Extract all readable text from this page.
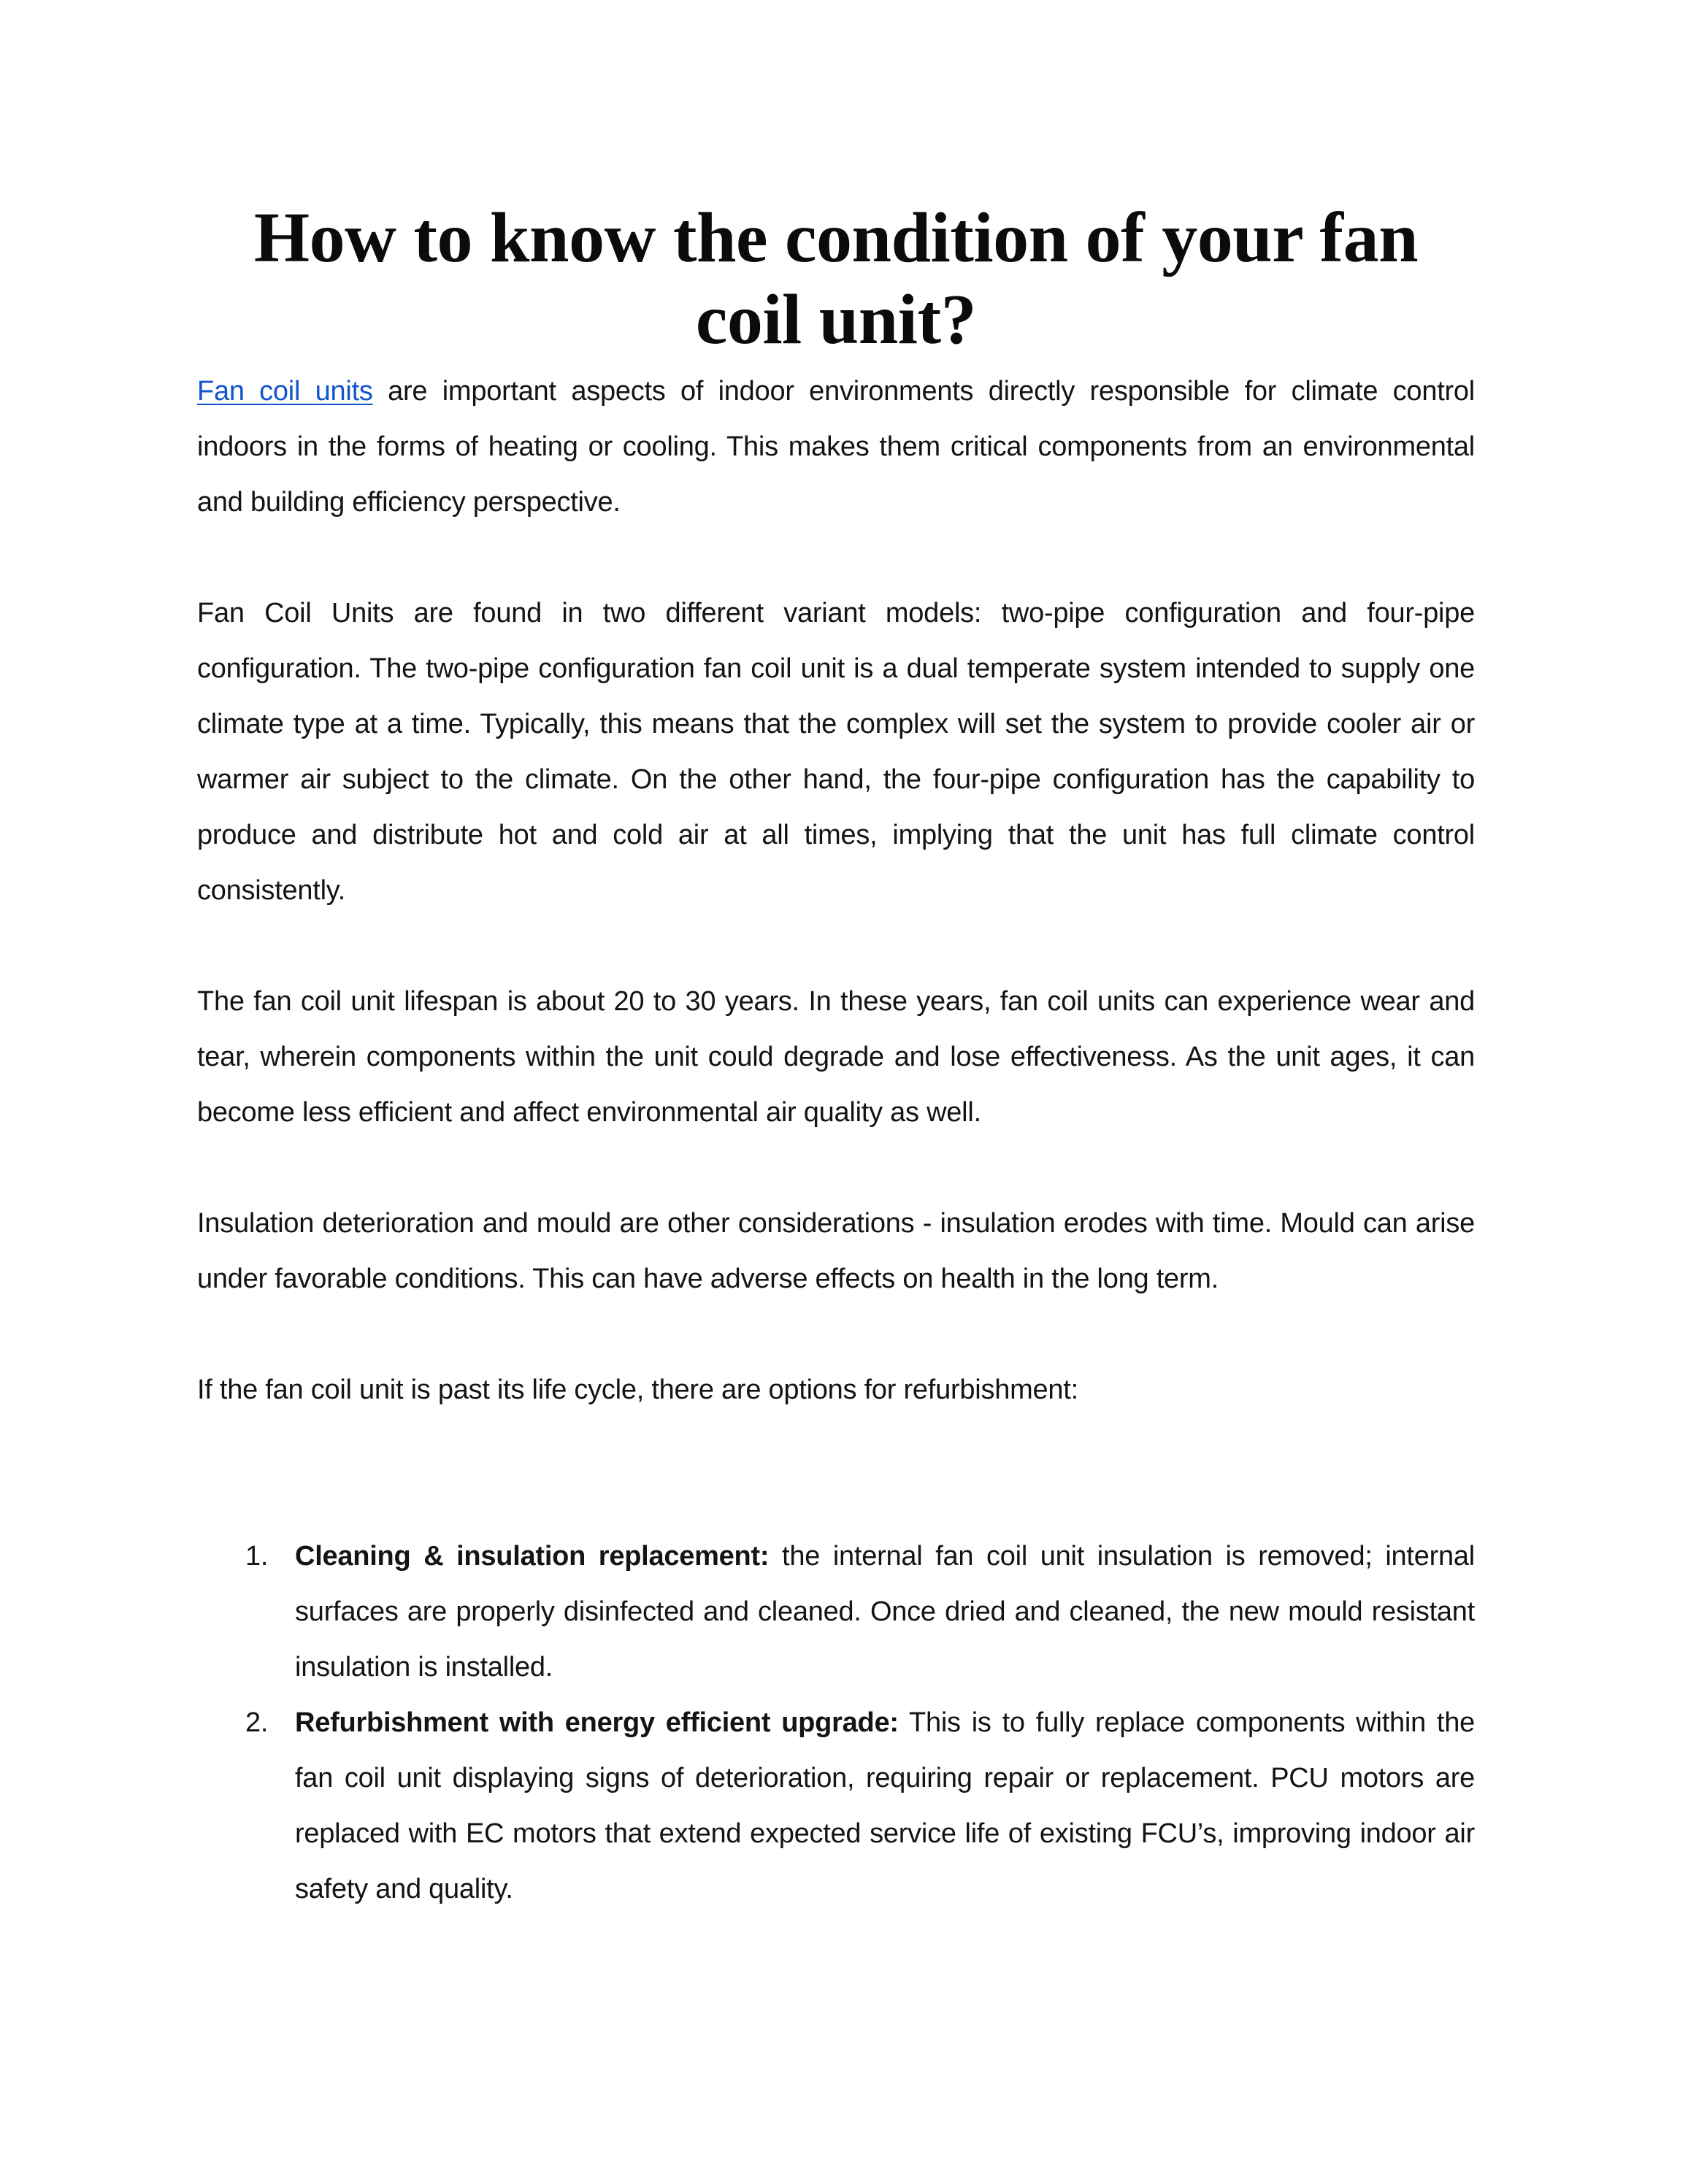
How to know the condition of your fan coil unit?

Fan coil units are important aspects of indoor environments directly responsible for climate control indoors in the forms of heating or cooling. This makes them critical components from an environmental and building efficiency perspective.

Fan Coil Units are found in two different variant models: two-pipe configuration and four-pipe configuration. The two-pipe configuration fan coil unit is a dual temperate system intended to supply one climate type at a time. Typically, this means that the complex will set the system to provide cooler air or warmer air subject to the climate. On the other hand, the four-pipe configuration has the capability to produce and distribute hot and cold air at all times, implying that the unit has full climate control consistently.

The fan coil unit lifespan is about 20 to 30 years. In these years, fan coil units can experience wear and tear, wherein components within the unit could degrade and lose effectiveness. As the unit ages, it can become less efficient and affect environmental air quality as well.

Insulation deterioration and mould are other considerations - insulation erodes with time. Mould can arise under favorable conditions. This can have adverse effects on health in the long term.

If the fan coil unit is past its life cycle, there are options for refurbishment:

1. Cleaning & insulation replacement: the internal fan coil unit insulation is removed; internal surfaces are properly disinfected and cleaned. Once dried and cleaned, the new mould resistant insulation is installed.
2. Refurbishment with energy efficient upgrade: This is to fully replace components within the fan coil unit displaying signs of deterioration, requiring repair or replacement. PCU motors are replaced with EC motors that extend expected service life of existing FCU’s, improving indoor air safety and quality.
